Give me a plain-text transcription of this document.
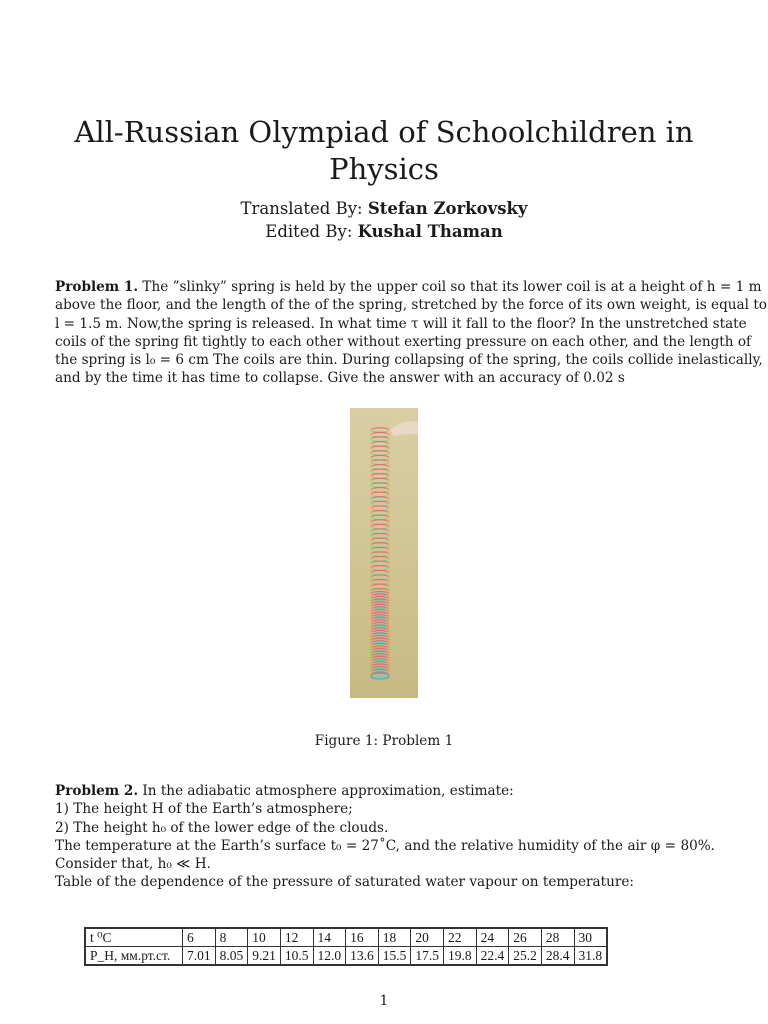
All-Russian Olympiad of Schoolchildren in
Physics
Translated By: Stefan Zorkovsky
Edited By: Kushal Thaman
Problem 1. The ”slinky” spring is held by the upper coil so that its lower coil is at a height of h = 1 m
above the floor, and the length of the of the spring, stretched by the force of its own weight, is equal to
l = 1.5 m. Now,the spring is released. In what time τ will it fall to the floor? In the unstretched state
coils of the spring fit tightly to each other without exerting pressure on each other, and the length of
the spring is l₀ = 6 cm The coils are thin. During collapsing of the spring, the coils collide inelastically,
and by the time it has time to collapse. Give the answer with an accuracy of 0.02 s
Figure 1: Problem 1
Problem 2. In the adiabatic atmosphere approximation, estimate:
1) The height H of the Earth’s atmosphere;
2) The height h₀ of the lower edge of the clouds.
The temperature at the Earth’s surface t₀ = 27˚C, and the relative humidity of the air φ = 80%.
Consider that, h₀ ≪ H.
Table of the dependence of the pressure of saturated water vapour on temperature:
t ⁰C	6	8	10	12	14	16	18	20	22	24	26	28	30
P_H, мм.рт.ст.	7.01	8.05	9.21	10.5	12.0	13.6	15.5	17.5	19.8	22.4	25.2	28.4	31.8
1
